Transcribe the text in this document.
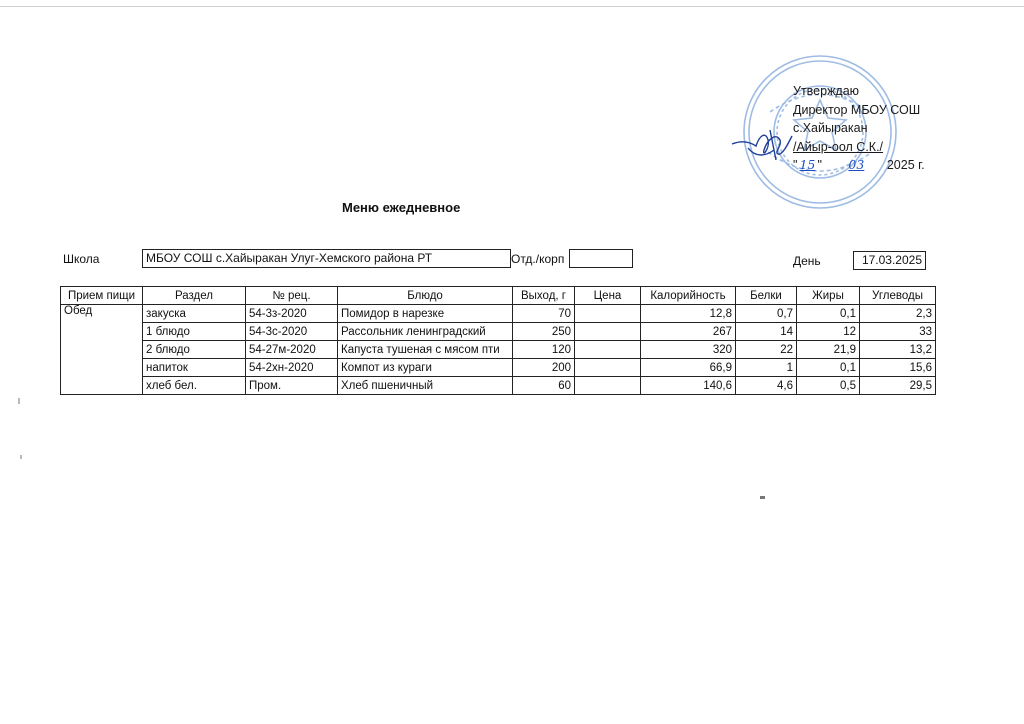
Утверждаю
Директор МБОУ СОШ
с.Хайыракан
/Айыр-оол С.К./
" 15 " 03 2025 г.
Меню ежедневное
Школа	МБОУ СОШ с.Хайыракан Улуг-Хемского района РТ	Отд./корп	День	17.03.2025
Прием пищи	Раздел	№ рец.	Блюдо	Выход, г	Цена	Калорийность	Белки	Жиры	Углеводы
Обед	закуска	54-3з-2020	Помидор в нарезке	70		12,8	0,7	0,1	2,3
	1 блюдо	54-3с-2020	Рассольник ленинградский	250		267	14	12	33
	2 блюдо	54-27м-2020	Капуста тушеная с мясом пти	120		320	22	21,9	13,2
	напиток	54-2хн-2020	Компот из кураги	200		66,9	1	0,1	15,6
	хлеб бел.	Пром.	Хлеб пшеничный	60		140,6	4,6	0,5	29,5
